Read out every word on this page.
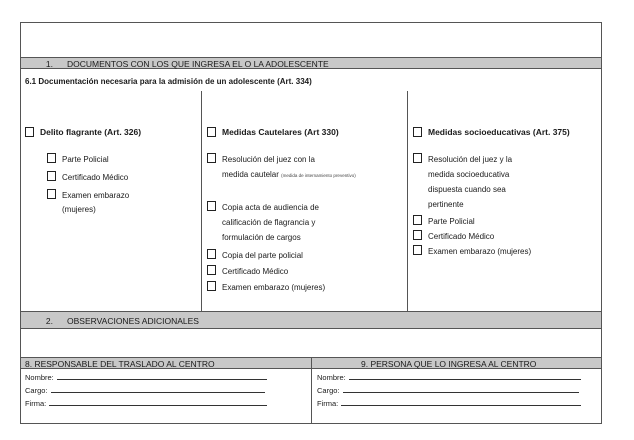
1. DOCUMENTOS CON LOS QUE INGRESA EL O LA ADOLESCENTE
6.1 Documentación necesaria para la admisión de un adolescente (Art. 334)
Delito flagrante (Art. 326)
Parte Policial
Certificado Médico
Examen embarazo
(mujeres)
Medidas Cautelares (Art 330)
Resolución del juez con la
medida cautelar (medida de internamiento preventivo)
Copia acta de audiencia de
calificación de flagrancia y
formulación de cargos
Copia del parte policial
Certificado Médico
Examen embarazo (mujeres)
Medidas socioeducativas (Art. 375)
Resolución del juez y la
medida socioeducativa
dispuesta cuando sea
pertinente
Parte Policial
Certificado Médico
Examen embarazo (mujeres)
2. OBSERVACIONES ADICIONALES
8. RESPONSABLE DEL TRASLADO AL CENTRO	9. PERSONA QUE LO INGRESA AL CENTRO
Nombre:
Cargo:
Firma:
Nombre:
Cargo:
Firma:
